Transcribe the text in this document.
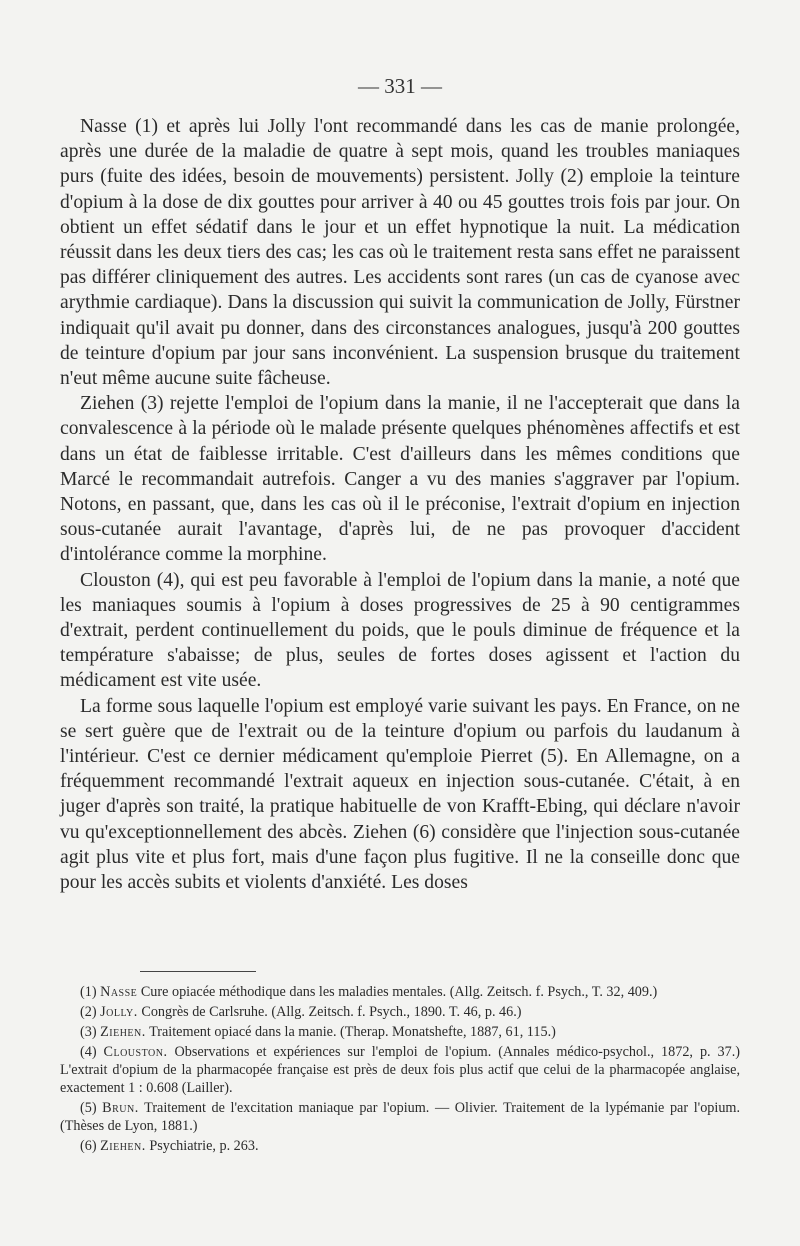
— 331 —

Nasse (1) et après lui Jolly l'ont recommandé dans les cas de manie prolongée, après une durée de la maladie de quatre à sept mois, quand les troubles maniaques purs (fuite des idées, besoin de mouvements) persistent. Jolly (2) emploie la teinture d'opium à la dose de dix gouttes pour arriver à 40 ou 45 gouttes trois fois par jour. On obtient un effet sédatif dans le jour et un effet hypnotique la nuit. La médication réussit dans les deux tiers des cas; les cas où le traitement resta sans effet ne paraissent pas différer cliniquement des autres. Les accidents sont rares (un cas de cyanose avec arythmie cardiaque). Dans la discussion qui suivit la communication de Jolly, Fürstner indiquait qu'il avait pu donner, dans des circonstances analogues, jusqu'à 200 gouttes de teinture d'opium par jour sans inconvénient. La suspension brusque du traitement n'eut même aucune suite fâcheuse.

Ziehen (3) rejette l'emploi de l'opium dans la manie, il ne l'accepterait que dans la convalescence à la période où le malade présente quelques phénomènes affectifs et est dans un état de faiblesse irritable. C'est d'ailleurs dans les mêmes conditions que Marcé le recommandait autrefois. Canger a vu des manies s'aggraver par l'opium. Notons, en passant, que, dans les cas où il le préconise, l'extrait d'opium en injection sous-cutanée aurait l'avantage, d'après lui, de ne pas provoquer d'accident d'intolérance comme la morphine.

Clouston (4), qui est peu favorable à l'emploi de l'opium dans la manie, a noté que les maniaques soumis à l'opium à doses progressives de 25 à 90 centigrammes d'extrait, perdent continuellement du poids, que le pouls diminue de fréquence et la température s'abaisse; de plus, seules de fortes doses agissent et l'action du médicament est vite usée.

La forme sous laquelle l'opium est employé varie suivant les pays. En France, on ne se sert guère que de l'extrait ou de la teinture d'opium ou parfois du laudanum à l'intérieur. C'est ce dernier médicament qu'emploie Pierret (5). En Allemagne, on a fréquemment recommandé l'extrait aqueux en injection sous-cutanée. C'était, à en juger d'après son traité, la pratique habituelle de von Krafft-Ebing, qui déclare n'avoir vu qu'exceptionnellement des abcès. Ziehen (6) considère que l'injection sous-cutanée agit plus vite et plus fort, mais d'une façon plus fugitive. Il ne la conseille donc que pour les accès subits et violents d'anxiété. Les doses

(1) Nasse Cure opiacée méthodique dans les maladies mentales. (Allg. Zeitsch. f. Psych., T. 32, 409.)

(2) Jolly. Congrès de Carlsruhe. (Allg. Zeitsch. f. Psych., 1890. T. 46, p. 46.)

(3) Ziehen. Traitement opiacé dans la manie. (Therap. Monatshefte, 1887, 61, 115.)

(4) Clouston. Observations et expériences sur l'emploi de l'opium. (Annales médico-psychol., 1872, p. 37.) L'extrait d'opium de la pharmacopée française est près de deux fois plus actif que celui de la pharmacopée anglaise, exactement 1 : 0.608 (Lailler).

(5) Brun. Traitement de l'excitation maniaque par l'opium. — Olivier. Traitement de la lypémanie par l'opium. (Thèses de Lyon, 1881.)

(6) Ziehen. Psychiatrie, p. 263.
